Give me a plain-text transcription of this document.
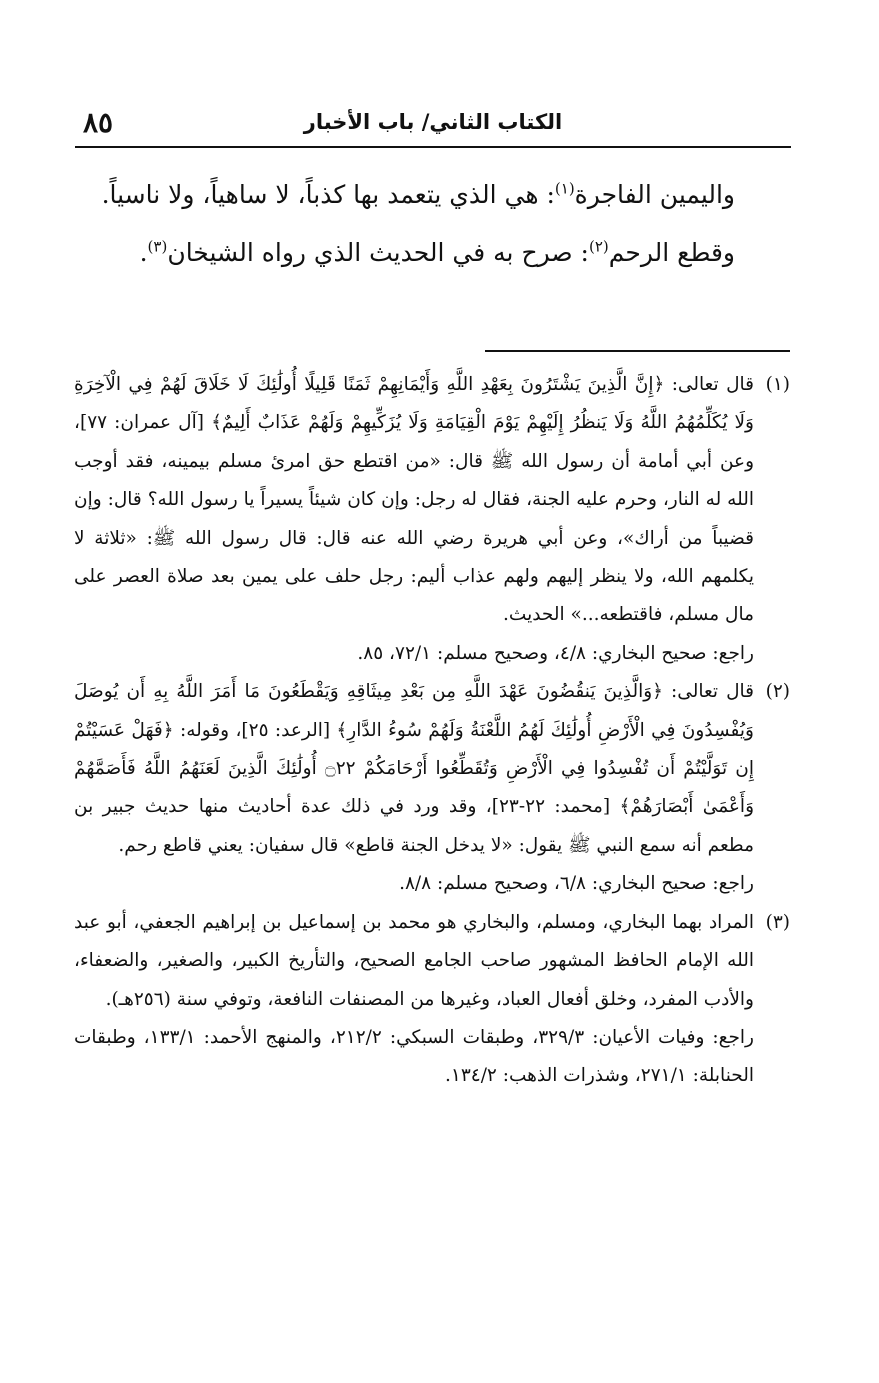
الكتاب الثاني/ باب الأخبار
٨٥

واليمين الفاجرة$^{(١)}$: هي الذي يتعمد بها كذباً، لا ساهياً، ولا ناسياً.

وقطع الرحم$^{(٢)}$: صرح به في الحديث الذي رواه الشيخان$^{(٣)}$.

(١)

قال تعالى: ﴿إِنَّ الَّذِينَ يَشْتَرُونَ بِعَهْدِ اللَّهِ وَأَيْمَانِهِمْ ثَمَنًا قَلِيلًا أُولَٰئِكَ لَا خَلَاقَ لَهُمْ فِي الْآخِرَةِ وَلَا يُكَلِّمُهُمُ اللَّهُ وَلَا يَنظُرُ إِلَيْهِمْ يَوْمَ الْقِيَامَةِ وَلَا يُزَكِّيهِمْ وَلَهُمْ عَذَابٌ أَلِيمٌ﴾ [آل عمران: ٧٧]، وعن أبي أمامة أن رسول الله ﷺ قال: «من اقتطع حق امرئ مسلم بيمينه، فقد أوجب الله له النار، وحرم عليه الجنة، فقال له رجل: وإن كان شيئاً يسيراً يا رسول الله؟ قال: وإن قضيباً من أراك»، وعن أبي هريرة رضي الله عنه قال: قال رسول الله ﷺ: «ثلاثة لا يكلمهم الله، ولا ينظر إليهم ولهم عذاب أليم: رجل حلف على يمين بعد صلاة العصر على مال مسلم، فاقتطعه...» الحديث.

راجع: صحيح البخاري: ٤/٨، وصحيح مسلم: ٧٢/١، ٨٥.

(٢)

قال تعالى: ﴿وَالَّذِينَ يَنقُضُونَ عَهْدَ اللَّهِ مِن بَعْدِ مِيثَاقِهِ وَيَقْطَعُونَ مَا أَمَرَ اللَّهُ بِهِ أَن يُوصَلَ وَيُفْسِدُونَ فِي الْأَرْضِ أُولَٰئِكَ لَهُمُ اللَّعْنَةُ وَلَهُمْ سُوءُ الدَّارِ﴾ [الرعد: ٢٥]، وقوله: ﴿فَهَلْ عَسَيْتُمْ إِن تَوَلَّيْتُمْ أَن تُفْسِدُوا فِي الْأَرْضِ وَتُقَطِّعُوا أَرْحَامَكُمْ ۝٢٢ أُولَٰئِكَ الَّذِينَ لَعَنَهُمُ اللَّهُ فَأَصَمَّهُمْ وَأَعْمَىٰ أَبْصَارَهُمْ﴾ [محمد: ٢٢-٢٣]، وقد ورد في ذلك عدة أحاديث منها حديث جبير بن مطعم أنه سمع النبي ﷺ يقول: «لا يدخل الجنة قاطع» قال سفيان: يعني قاطع رحم.

راجع: صحيح البخاري: ٦/٨، وصحيح مسلم: ٨/٨.

(٣)

المراد بهما البخاري، ومسلم، والبخاري هو محمد بن إسماعيل بن إبراهيم الجعفي، أبو عبد الله الإمام الحافظ المشهور صاحب الجامع الصحيح، والتأريخ الكبير، والصغير، والضعفاء، والأدب المفرد، وخلق أفعال العباد، وغيرها من المصنفات النافعة، وتوفي سنة (٢٥٦هـ).

راجع: وفيات الأعيان: ٣٢٩/٣، وطبقات السبكي: ٢١٢/٢، والمنهج الأحمد: ١٣٣/١، وطبقات الحنابلة: ٢٧١/١، وشذرات الذهب: ١٣٤/٢.
